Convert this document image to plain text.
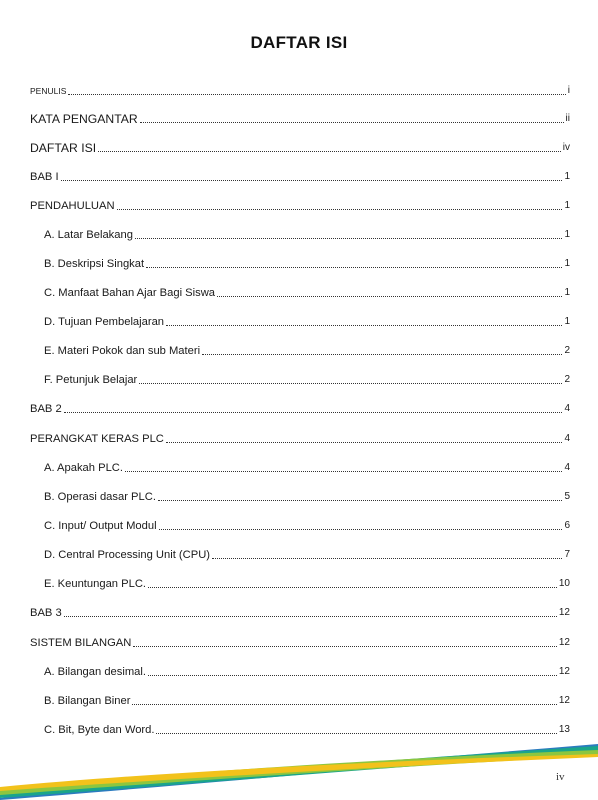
DAFTAR ISI
PENULIS	i
KATA PENGANTAR	ii
DAFTAR ISI	iv
BAB I	1
PENDAHULUAN	1
A. Latar Belakang	1
B. Deskripsi Singkat	1
C. Manfaat Bahan Ajar Bagi Siswa	1
D. Tujuan Pembelajaran	1
E. Materi Pokok dan sub Materi	2
F. Petunjuk Belajar	2
BAB 2	4
PERANGKAT KERAS PLC	4
A. Apakah PLC.	4
B. Operasi dasar PLC.	5
C. Input/ Output Modul	6
D. Central Processing Unit (CPU)	7
E. Keuntungan PLC.	10
BAB 3	12
SISTEM BILANGAN	12
A. Bilangan desimal.	12
B. Bilangan Biner	12
C. Bit, Byte dan Word.	13
iv
